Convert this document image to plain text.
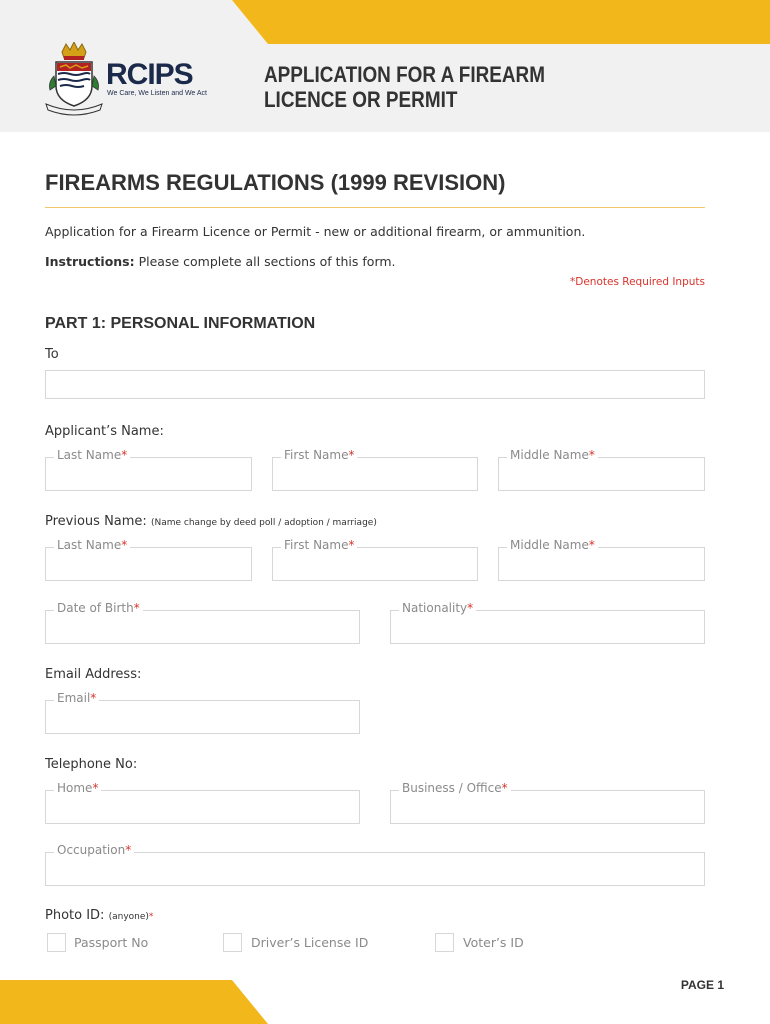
RCIPS
We Care, We Listen and We Act
APPLICATION FOR A FIREARM
LICENCE OR PERMIT
FIREARMS REGULATIONS (1999 REVISION)
Application for a Firearm Licence or Permit - new or additional firearm, or ammunition.
Instructions: Please complete all sections of this form.
*Denotes Required Inputs
PART 1: PERSONAL INFORMATION
To
Applicant’s Name:
Last Name*	First Name*	Middle Name*
Previous Name: (Name change by deed poll / adoption / marriage)
Last Name*	First Name*	Middle Name*
Date of Birth*	Nationality*
Email Address:
Email*
Telephone No:
Home*	Business / Office*
Occupation*
Photo ID: (anyone)*
Passport No	Driver’s License ID	Voter’s ID
PAGE 1
